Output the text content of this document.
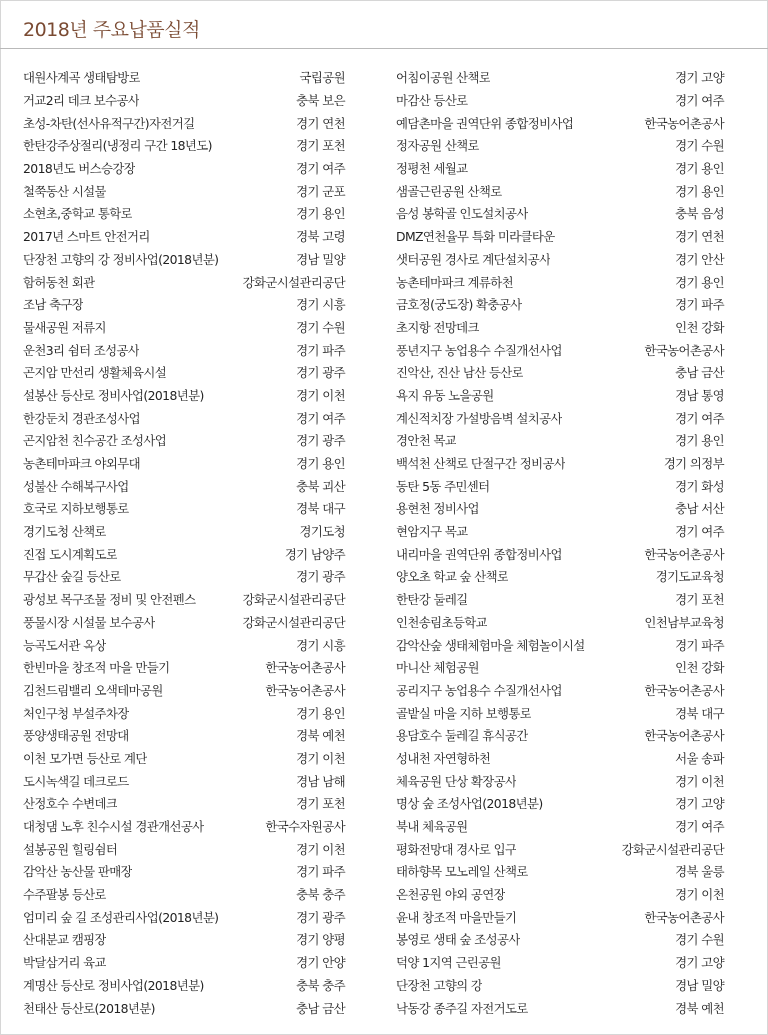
2018년 주요납품실적
대원사계곡 생태탐방로	국립공원
거교2리 데크 보수공사	충북 보은
초성-차탄(선사유적구간)자전거길	경기 연천
한탄강주상절리(냉정리 구간 18년도)	경기 포천
2018년도 버스승강장	경기 여주
철쭉동산 시설물	경기 군포
소현초,중학교 통학로	경기 용인
2017년 스마트 안전거리	경북 고령
단장천 고향의 강 정비사업(2018년분)	경남 밀양
함허동천 회관	강화군시설관리공단
조남 축구장	경기 시흥
물새공원 저류지	경기 수원
운천3리 쉼터 조성공사	경기 파주
곤지암 만선리 생활체육시설	경기 광주
설봉산 등산로 정비사업(2018년분)	경기 이천
한강둔치 경관조성사업	경기 여주
곤지암천 친수공간 조성사업	경기 광주
농촌테마파크 야외무대	경기 용인
성불산 수해복구사업	충북 괴산
호국로 지하보행통로	경북 대구
경기도청 산책로	경기도청
진접 도시계획도로	경기 남양주
무갑산 숲길 등산로	경기 광주
광성보 목구조물 정비 및 안전펜스	강화군시설관리공단
풍물시장 시설물 보수공사	강화군시설관리공단
능곡도서관 옥상	경기 시흥
한빈마을 창조적 마을 만들기	한국농어촌공사
김천드림밸리 오색테마공원	한국농어촌공사
처인구청 부설주차장	경기 용인
풍양생태공원 전망대	경북 예천
이천 모가면 등산로 계단	경기 이천
도시녹색길 데크로드	경남 남해
산정호수 수변데크	경기 포천
대청댐 노후 친수시설 경관개선공사	한국수자원공사
설봉공원 힐링쉼터	경기 이천
감악산 농산물 판매장	경기 파주
수주팔봉 등산로	충북 충주
엄미리 숲 길 조성관리사업(2018년분)	경기 광주
산대분교 캠핑장	경기 양평
박달삼거리 육교	경기 안양
계명산 등산로 정비사업(2018년분)	충북 충주
천태산 등산로(2018년분)	충남 금산
어침이공원 산책로	경기 고양
마감산 등산로	경기 여주
예담촌마을 권역단위 종합정비사업	한국농어촌공사
정자공원 산책로	경기 수원
정평천 세월교	경기 용인
샘골근린공원 산책로	경기 용인
음성 봉학골 인도설치공사	충북 음성
DMZ연천율무 특화 미라클타운	경기 연천
샛터공원 경사로 계단설치공사	경기 안산
농촌테마파크 계류하천	경기 용인
금호정(궁도장) 확충공사	경기 파주
초지항 전망데크	인천 강화
풍년지구 농업용수 수질개선사업	한국농어촌공사
진악산, 진산 남산 등산로	충남 금산
욕지 유동 노을공원	경남 통영
계신적치장 가설방음벽 설치공사	경기 여주
경안천 목교	경기 용인
백석천 산책로 단절구간 정비공사	경기 의정부
동탄 5동 주민센터	경기 화성
용현천 정비사업	충남 서산
현암지구 목교	경기 여주
내리마을 권역단위 종합정비사업	한국농어촌공사
양오초 학교 숲 산책로	경기도교육청
한탄강 둘레길	경기 포천
인천송림초등학교	인천남부교육청
감악산숲 생태체험마을 체험놀이시설	경기 파주
마니산 체험공원	인천 강화
공리지구 농업용수 수질개선사업	한국농어촌공사
골밭실 마을 지하 보행통로	경북 대구
용담호수 둘레길 휴식공간	한국농어촌공사
성내천 자연형하천	서울 송파
체육공원 단상 확장공사	경기 이천
명상 숲 조성사업(2018년분)	경기 고양
북내 체육공원	경기 여주
평화전망대 경사로 입구	강화군시설관리공단
태하향목 모노레일 산책로	경북 울릉
온천공원 야외 공연장	경기 이천
윤내 창조적 마을만들기	한국농어촌공사
봉영로 생태 숲 조성공사	경기 수원
덕양 1지역 근린공원	경기 고양
단장천 고향의 강	경남 밀양
낙동강 종주길 자전거도로	경북 예천
